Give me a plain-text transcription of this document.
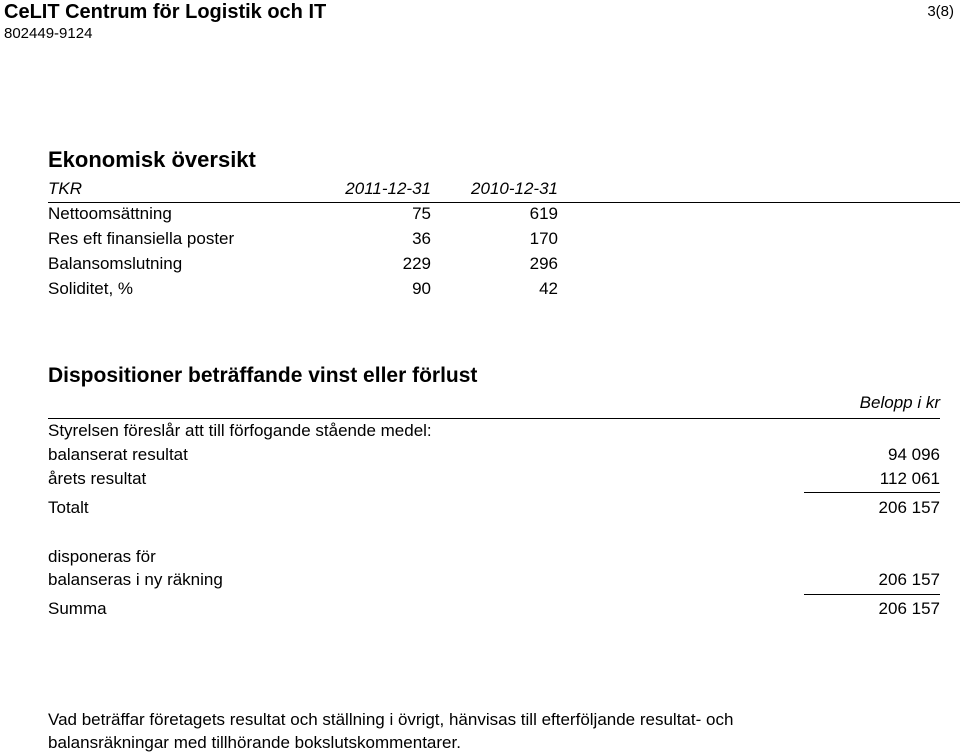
CeLIT Centrum för Logistik och IT
802449-9124
3(8)
Ekonomisk översikt
TKR	2011-12-31 2010-12-31
Nettoomsättning	75	619
Res eft finansiella poster	36	170
Balansomslutning	229	296
Soliditet, %	90	42
Dispositioner beträffande vinst eller förlust
Belopp i kr
Styrelsen föreslår att till förfogande stående medel:
balanserat resultat	94 096
årets resultat	112 061
Totalt	206 157
disponeras för
balanseras i ny räkning	206 157
Summa	206 157
Vad beträffar företagets resultat och ställning i övrigt, hänvisas till efterföljande resultat- och
balansräkningar med tillhörande bokslutskommentarer.
